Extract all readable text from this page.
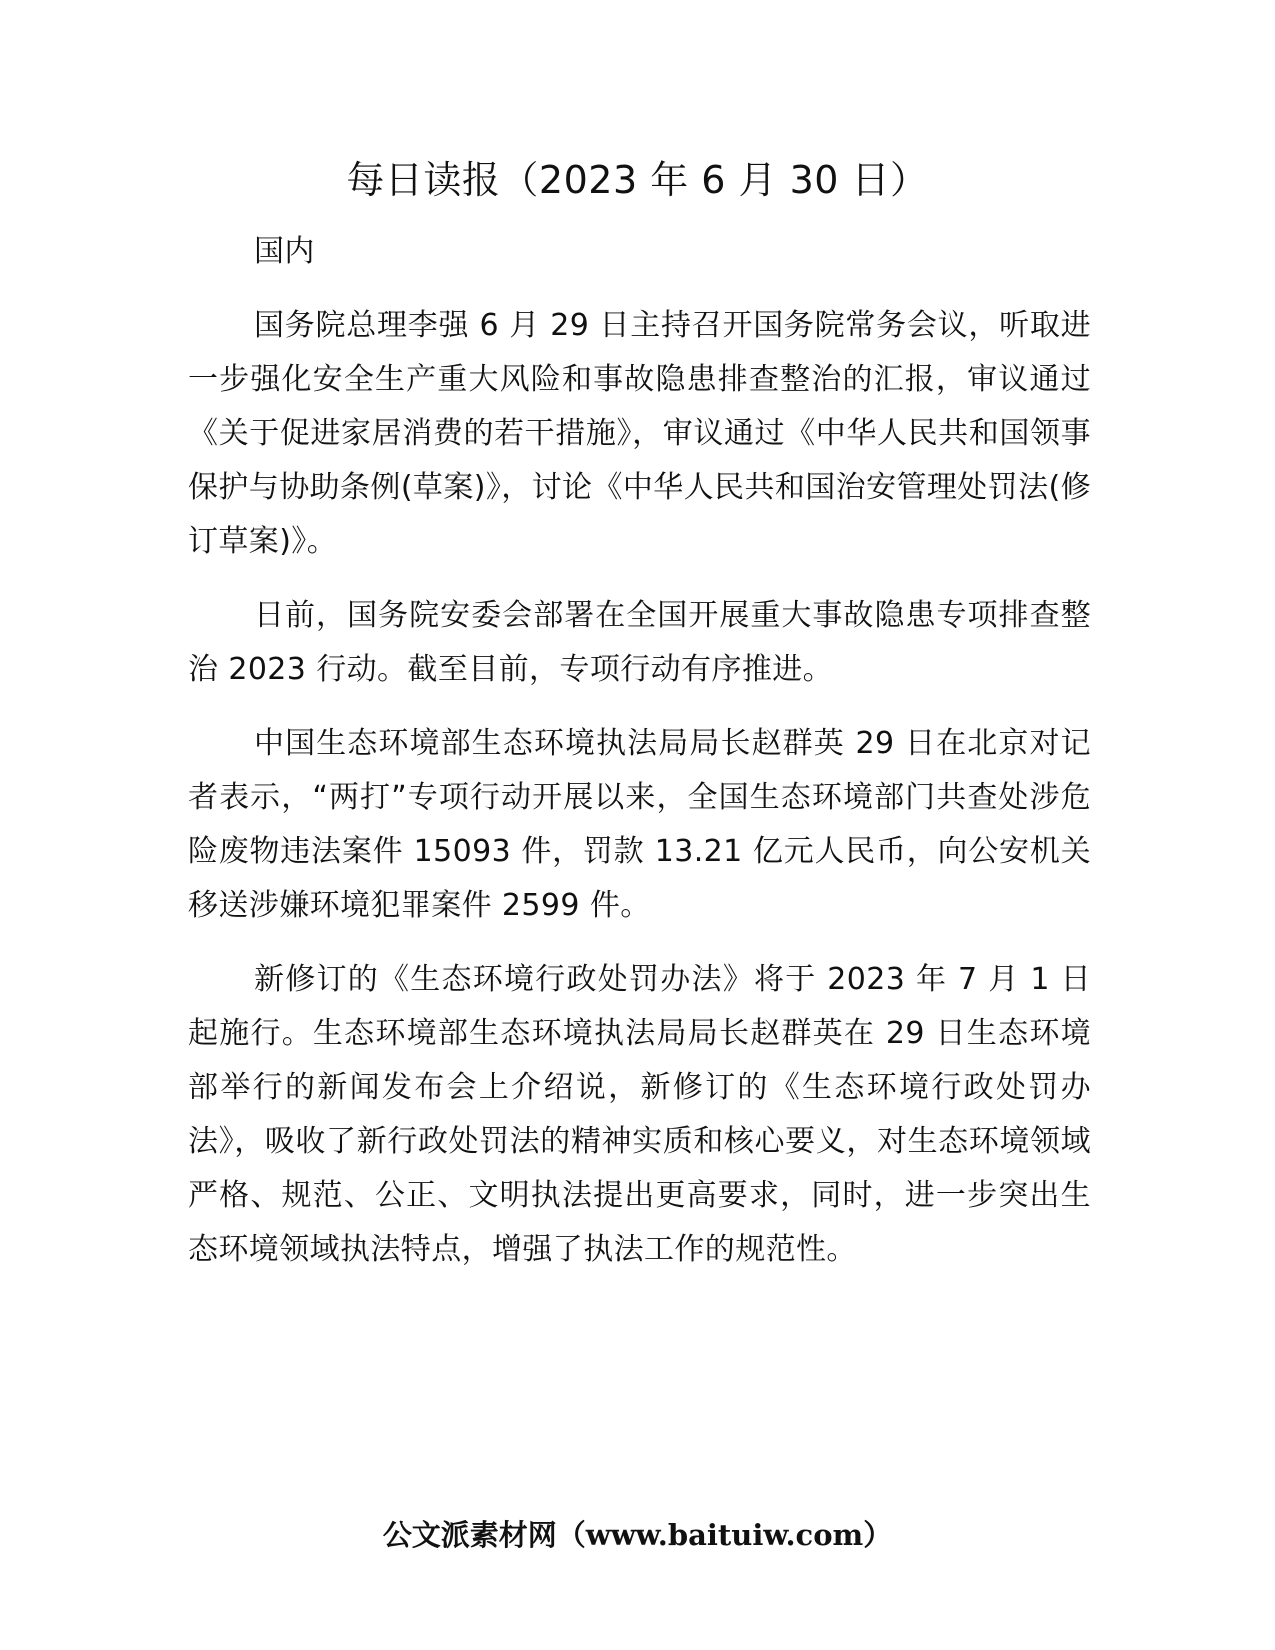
每日读报（2023 年 6 月 30 日）

国内

国务院总理李强 6 月 29 日主持召开国务院常务会议，听取进一步强化安全生产重大风险和事故隐患排查整治的汇报，审议通过《关于促进家居消费的若干措施》，审议通过《中华人民共和国领事保护与协助条例(草案)》，讨论《中华人民共和国治安管理处罚法(修订草案)》。

日前，国务院安委会部署在全国开展重大事故隐患专项排查整治 2023 行动。截至目前，专项行动有序推进。

中国生态环境部生态环境执法局局长赵群英 29 日在北京对记者表示，“两打”专项行动开展以来，全国生态环境部门共查处涉危险废物违法案件 15093 件，罚款 13.21 亿元人民币，向公安机关移送涉嫌环境犯罪案件 2599 件。

新修订的《生态环境行政处罚办法》将于 2023 年 7 月 1 日起施行。生态环境部生态环境执法局局长赵群英在 29 日生态环境部举行的新闻发布会上介绍说，新修订的《生态环境行政处罚办法》，吸收了新行政处罚法的精神实质和核心要义，对生态环境领域严格、规范、公正、文明执法提出更高要求，同时，进一步突出生态环境领域执法特点，增强了执法工作的规范性。

公文派素材网（www.baituiw.com）
